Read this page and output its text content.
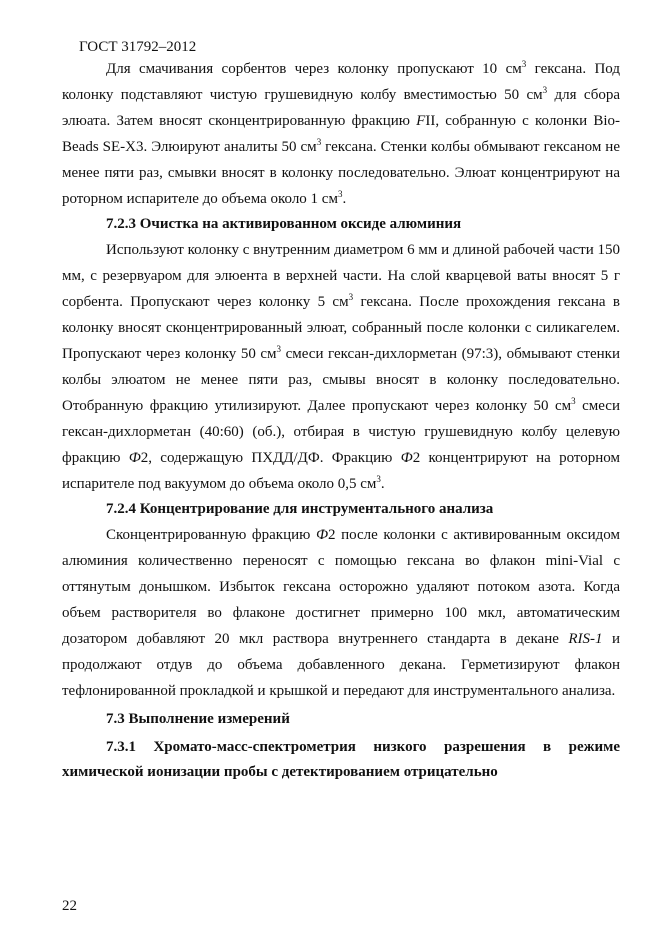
ГОСТ 31792–2012

Для смачивания сорбентов через колонку пропускают 10 $см^3$ гексана. Под колонку подставляют чистую грушевидную колбу вместимостью 50 $см^3$ для сбора элюата. Затем вносят сконцентрированную фракцию FII, собранную с колонки Bio-Beads SE-X3. Элюируют аналиты 50 $см^3$ гексана. Стенки колбы обмывают гексаном не менее пяти раз, смывки вносят в колонку последовательно. Элюат концентрируют на роторном испарителе до объема около 1 $см^3$.

7.2.3 Очистка на активированном оксиде алюминия

Используют колонку с внутренним диаметром 6 мм и длиной рабочей части 150 мм, с резервуаром для элюента в верхней части. На слой кварцевой ваты вносят 5 г сорбента. Пропускают через колонку 5 $см^3$ гексана. После прохождения гексана в колонку вносят сконцентрированный элюат, собранный после колонки с силикагелем. Пропускают через колонку 50 $см^3$ смеси гексан-дихлорметан (97:3), обмывают стенки колбы элюатом не менее пяти раз, смывы вносят в колонку последовательно. Отобранную фракцию утилизируют. Далее пропускают через колонку 50 $см^3$ смеси гексан-дихлорметан (40:60) (об.), отбирая в чистую грушевидную колбу целевую фракцию Ф2, содержащую ПХДД/ДФ. Фракцию Ф2 концентрируют на роторном испарителе под вакуумом до объема около 0,5 $см^3$.

7.2.4 Концентрирование для инструментального анализа

Сконцентрированную фракцию Ф2 после колонки с активированным оксидом алюминия количественно переносят с помощью гексана во флакон mini-Vial с оттянутым донышком. Избыток гексана осторожно удаляют потоком азота. Когда объем растворителя во флаконе достигнет примерно 100 мкл, автоматическим дозатором добавляют 20 мкл раствора внутреннего стандарта в декане RIS-1 и продолжают отдув до объема добавленного декана. Герметизируют флакон тефлонированной прокладкой и крышкой и передают для инструментального анализа.

7.3 Выполнение измерений

7.3.1 Хромато-масс-спектрометрия низкого разрешения в режиме химической ионизации пробы с детектированием отрицательно

22
